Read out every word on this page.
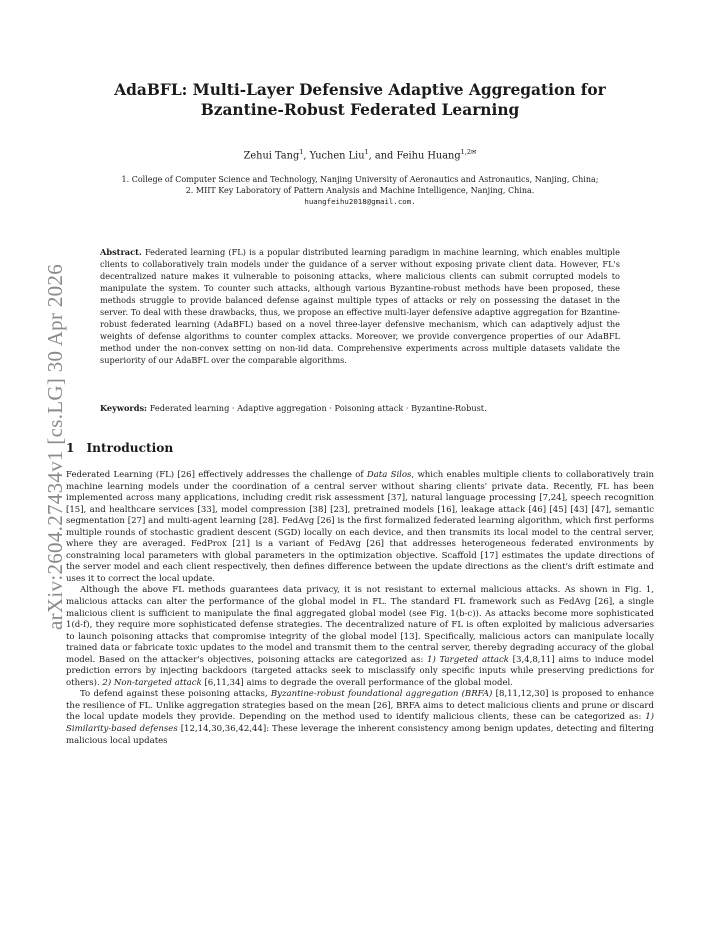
arXiv:2604.27434v1 [cs.LG] 30 Apr 2026
AdaBFL: Multi-Layer Defensive Adaptive Aggregation for
Bzantine-Robust Federated Learning
Zehui Tang$^1$, Yuchen Liu$^1$, and Feihu Huang$^{1,2✉}$
1. College of Computer Science and Technology, Nanjing University of Aeronautics and Astronautics, Nanjing, China;
2. MIIT Key Laboratory of Pattern Analysis and Machine Intelligence, Nanjing, China.
huangfeihu2018@gmail.com.
Abstract. Federated learning (FL) is a popular distributed learning paradigm in machine learning, which enables multiple clients to collaboratively train models under the guidance of a server without exposing private client data. However, FL's decentralized nature makes it vulnerable to poisoning attacks, where malicious clients can submit corrupted models to manipulate the system. To counter such attacks, although various Byzantine-robust methods have been proposed, these methods struggle to provide balanced defense against multiple types of attacks or rely on possessing the dataset in the server. To deal with these drawbacks, thus, we propose an effective multi-layer defensive adaptive aggregation for Bzantine-robust federated learning (AdaBFL) based on a novel three-layer defensive mechanism, which can adaptively adjust the weights of defense algorithms to counter complex attacks. Moreover, we provide convergence properties of our AdaBFL method under the non-convex setting on non-iid data. Comprehensive experiments across multiple datasets validate the superiority of our AdaBFL over the comparable algorithms.
Keywords: Federated learning · Adaptive aggregation · Poisoning attack · Byzantine-Robust.
1 Introduction

Federated Learning (FL) [26] effectively addresses the challenge of Data Silos, which enables multiple clients to collaboratively train machine learning models under the coordination of a central server without sharing clients' private data. Recently, FL has been implemented across many applications, including credit risk assessment [37], natural language processing [7,24], speech recognition [15], and healthcare services [33], model compression [38] [23], pretrained models [16], leakage attack [46] [45] [43] [47], semantic segmentation [27] and multi-agent learning [28]. FedAvg [26] is the first formalized federated learning algorithm, which first performs multiple rounds of stochastic gradient descent (SGD) locally on each device, and then transmits its local model to the central server, where they are averaged. FedProx [21] is a variant of FedAvg [26] that addresses heterogeneous federated environments by constraining local parameters with global parameters in the optimization objective. Scaffold [17] estimates the update directions of the server model and each client respectively, then defines difference between the update directions as the client's drift estimate and uses it to correct the local update.

Although the above FL methods guarantees data privacy, it is not resistant to external malicious attacks. As shown in Fig. 1, malicious attacks can alter the performance of the global model in FL. The standard FL framework such as FedAvg [26], a single malicious client is sufficient to manipulate the final aggregated global model (see Fig. 1(b-c)). As attacks become more sophisticated 1(d-f), they require more sophisticated defense strategies. The decentralized nature of FL is often exploited by malicious adversaries to launch poisoning attacks that compromise integrity of the global model [13]. Specifically, malicious actors can manipulate locally trained data or fabricate toxic updates to the model and transmit them to the central server, thereby degrading accuracy of the global model. Based on the attacker's objectives, poisoning attacks are categorized as: 1) Targeted attack [3,4,8,11] aims to induce model prediction errors by injecting backdoors (targeted attacks seek to misclassify only specific inputs while preserving predictions for others). 2) Non-targeted attack [6,11,34] aims to degrade the overall performance of the global model.

To defend against these poisoning attacks, Byzantine-robust foundational aggregation (BRFA) [8,11,12,30] is proposed to enhance the resilience of FL. Unlike aggregation strategies based on the mean [26], BRFA aims to detect malicious clients and prune or discard the local update models they provide. Depending on the method used to identify malicious clients, these can be categorized as: 1) Similarity-based defenses [12,14,30,36,42,44]: These leverage the inherent consistency among benign updates, detecting and filtering malicious local updates
